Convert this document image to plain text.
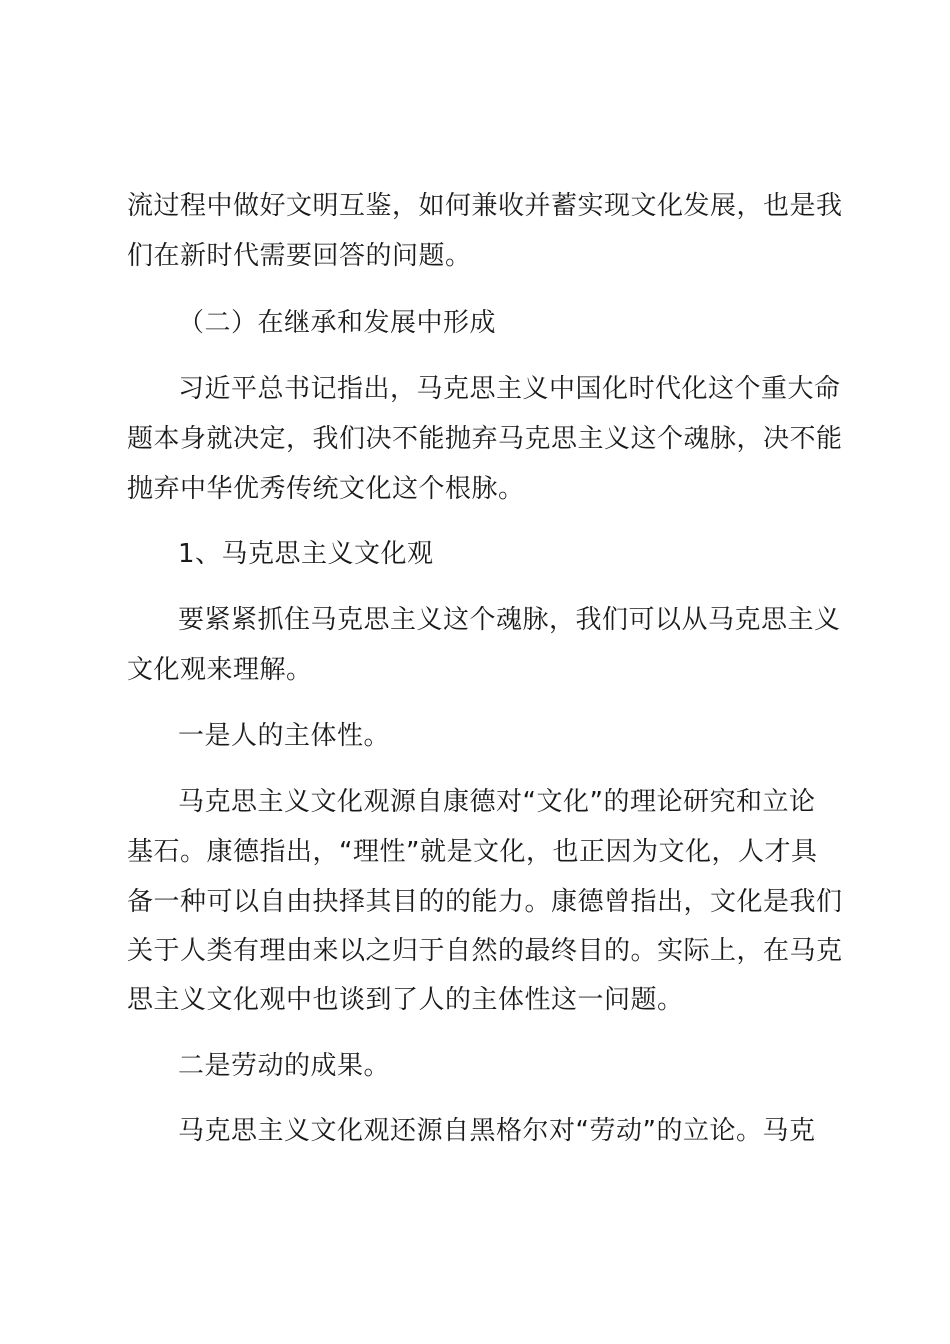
流过程中做好文明互鉴，如何兼收并蓄实现文化发展，也是我
们在新时代需要回答的问题。
（二）在继承和发展中形成
习近平总书记指出，马克思主义中国化时代化这个重大命
题本身就决定，我们决不能抛弃马克思主义这个魂脉，决不能
抛弃中华优秀传统文化这个根脉。
1、马克思主义文化观
要紧紧抓住马克思主义这个魂脉，我们可以从马克思主义
文化观来理解。
一是人的主体性。
马克思主义文化观源自康德对“文化”的理论研究和立论
基石。康德指出，“理性”就是文化，也正因为文化，人才具
备一种可以自由抉择其目的的能力。康德曾指出，文化是我们
关于人类有理由来以之归于自然的最终目的。实际上，在马克
思主义文化观中也谈到了人的主体性这一问题。
二是劳动的成果。
马克思主义文化观还源自黑格尔对“劳动”的立论。马克
